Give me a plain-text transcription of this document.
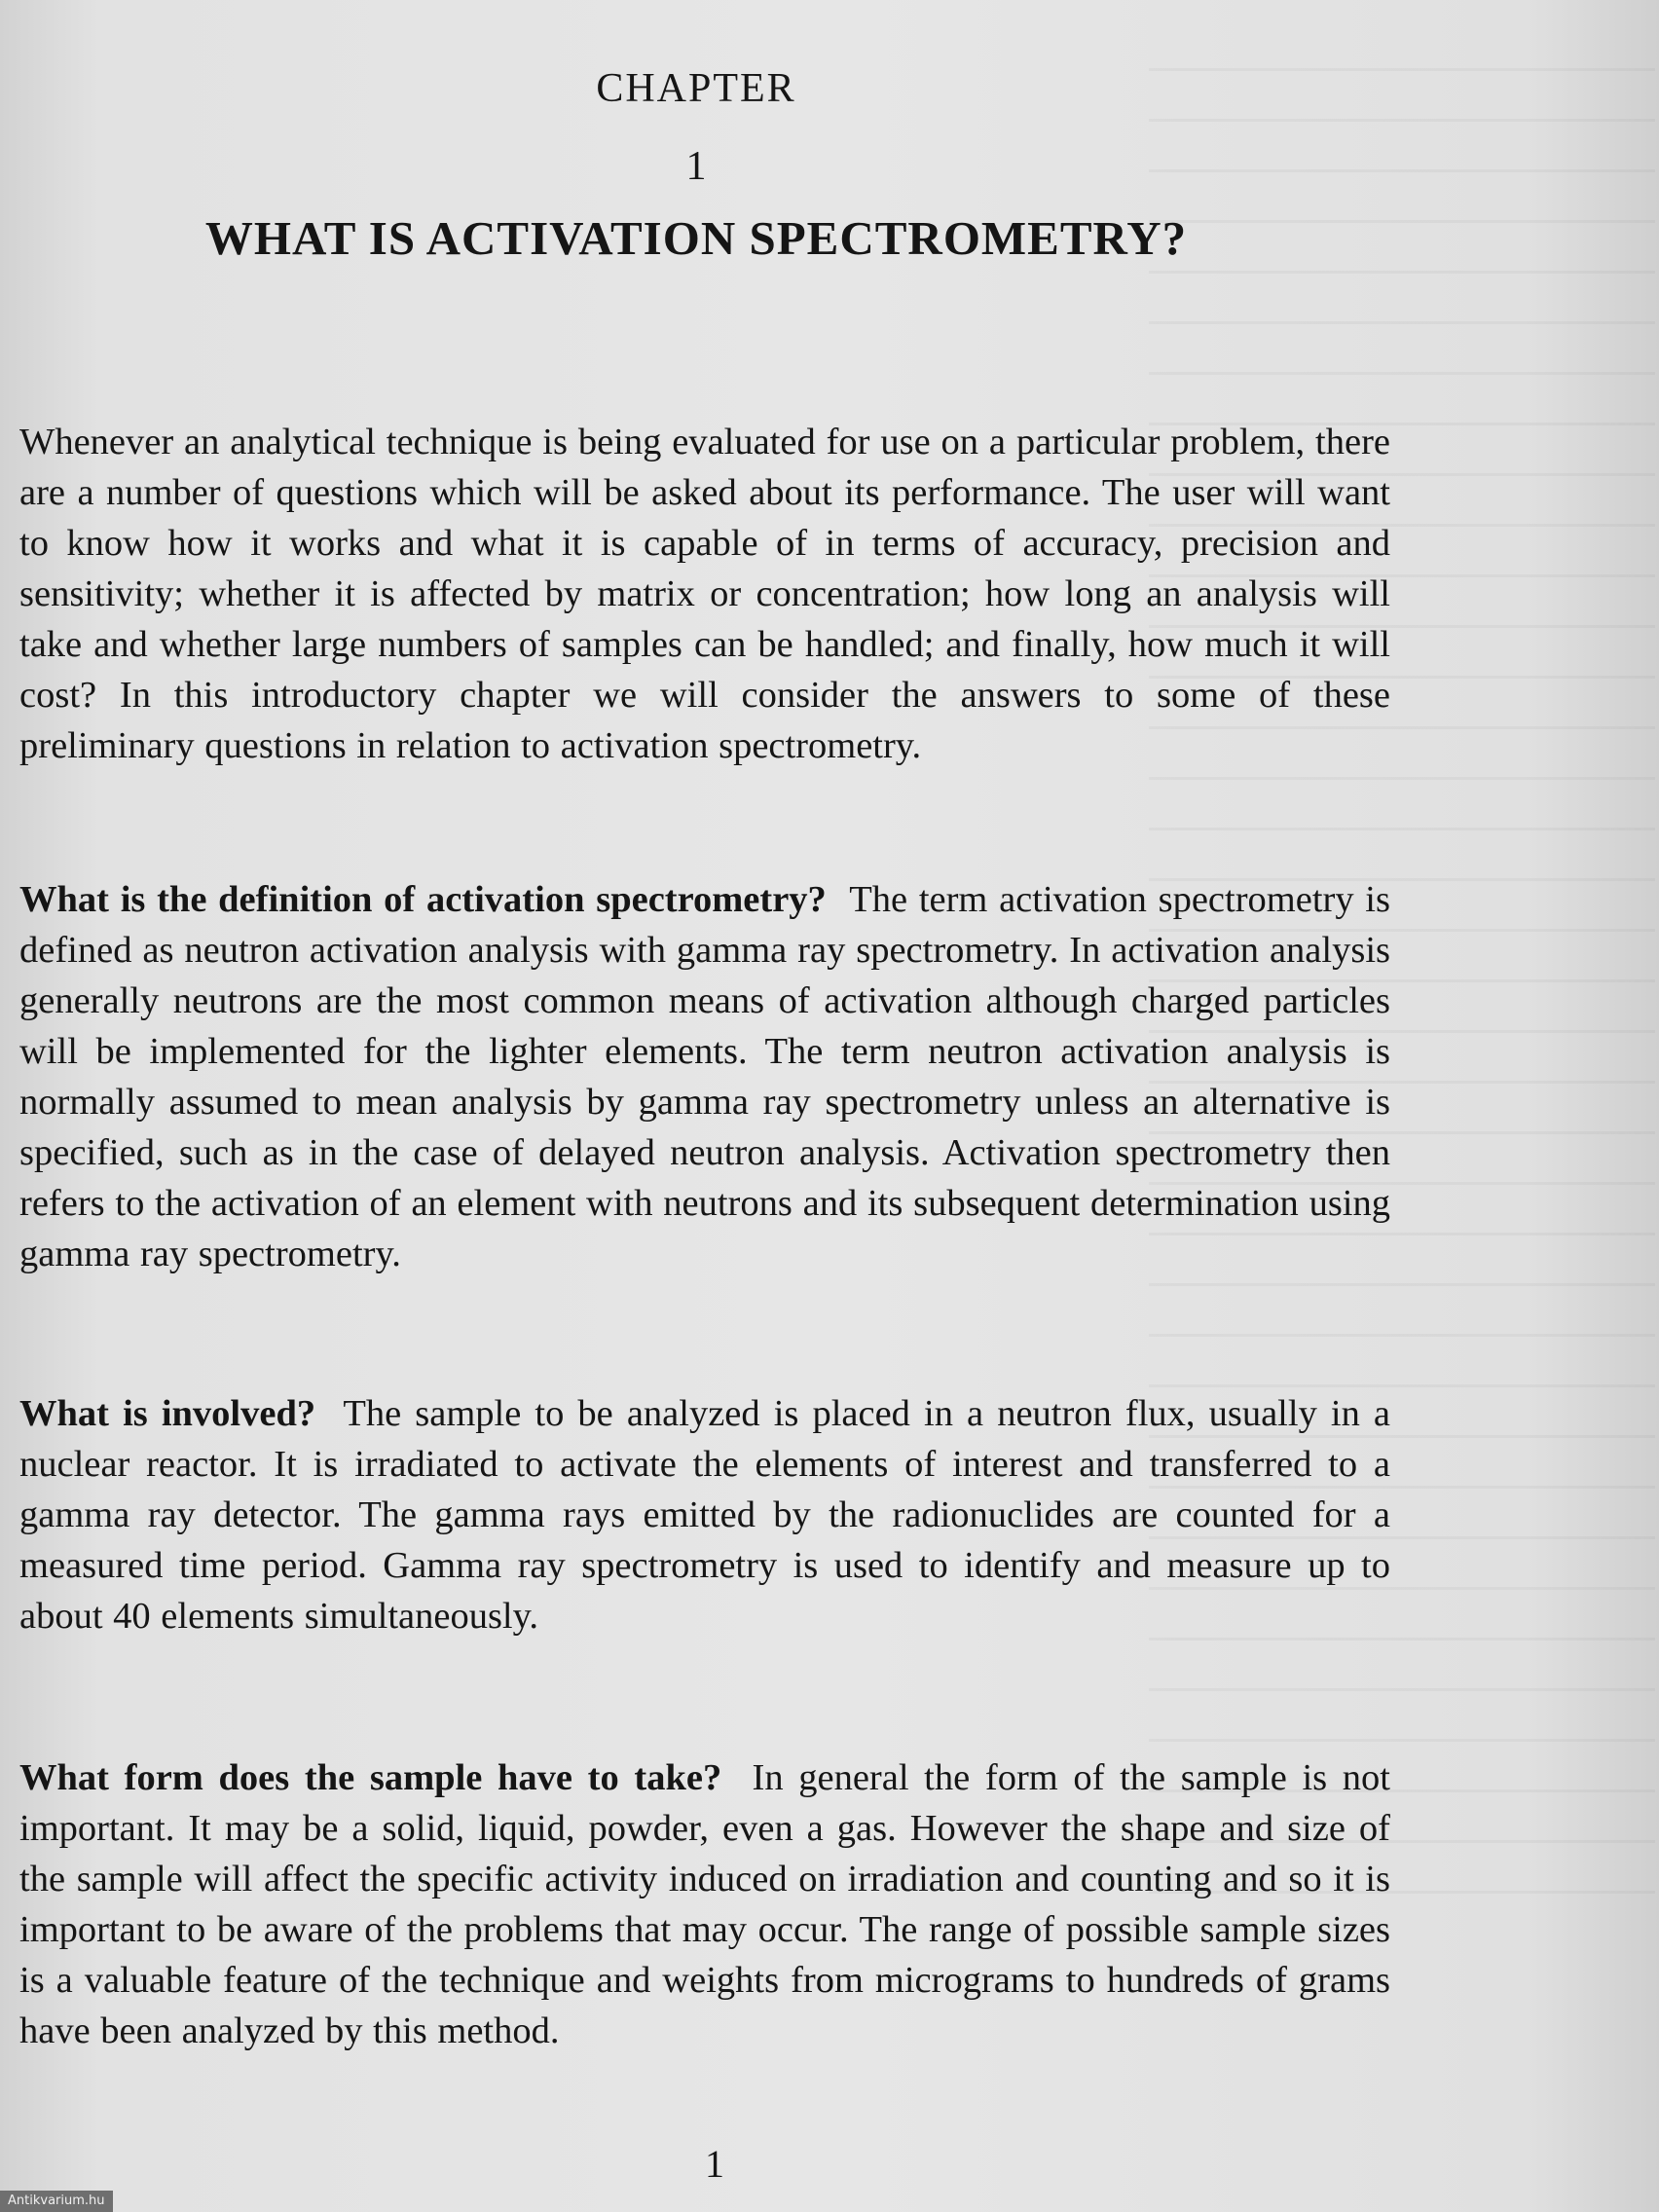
CHAPTER
1
WHAT IS ACTIVATION SPECTROMETRY?

Whenever an analytical technique is being evaluated for use on a particular problem, there are a number of questions which will be asked about its performance. The user will want to know how it works and what it is capable of in terms of accuracy, precision and sensitivity; whether it is affected by matrix or concentration; how long an analysis will take and whether large numbers of samples can be handled; and finally, how much it will cost? In this introductory chapter we will consider the answers to some of these preliminary questions in relation to activation spectrometry.

What is the definition of activation spectrometry? The term activation spectrometry is defined as neutron activation analysis with gamma ray spectrometry. In activation analysis generally neutrons are the most common means of activation although charged particles will be implemented for the lighter elements. The term neutron activation analysis is normally assumed to mean analysis by gamma ray spectrometry unless an alternative is specified, such as in the case of delayed neutron analysis. Activation spectrometry then refers to the activation of an element with neutrons and its subsequent determination using gamma ray spectrometry.

What is involved? The sample to be analyzed is placed in a neutron flux, usually in a nuclear reactor. It is irradiated to activate the elements of interest and transferred to a gamma ray detector. The gamma rays emitted by the radionuclides are counted for a measured time period. Gamma ray spectrometry is used to identify and measure up to about 40 elements simultaneously.

What form does the sample have to take? In general the form of the sample is not important. It may be a solid, liquid, powder, even a gas. However the shape and size of the sample will affect the specific activity induced on irradiation and counting and so it is important to be aware of the problems that may occur. The range of possible sample sizes is a valuable feature of the technique and weights from micrograms to hundreds of grams have been analyzed by this method.

1
Antikvarium.hu
